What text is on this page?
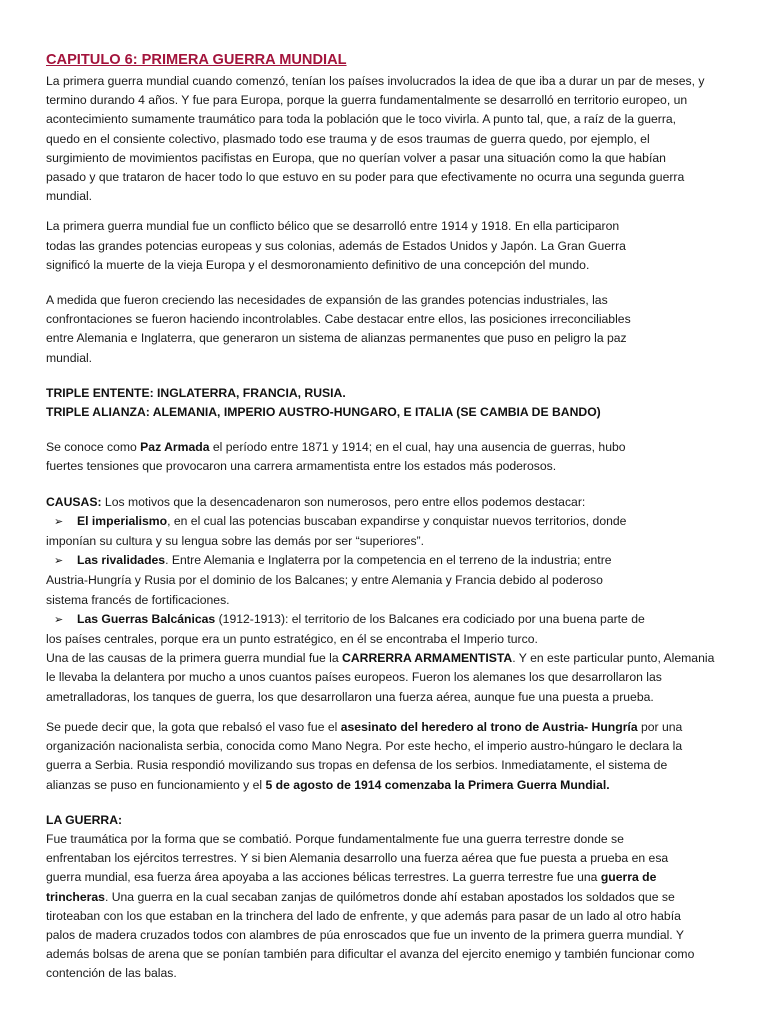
CAPITULO 6: PRIMERA GUERRA MUNDIAL

La primera guerra mundial cuando comenzó, tenían los países involucrados la idea de que iba a durar un par de meses, y
termino durando 4 años. Y fue para Europa, porque la guerra fundamentalmente se desarrolló en territorio europeo, un
acontecimiento sumamente traumático para toda la población que le toco vivirla. A punto tal, que, a raíz de la guerra,
quedo en el consiente colectivo, plasmado todo ese trauma y de esos traumas de guerra quedo, por ejemplo, el
surgimiento de movimientos pacifistas en Europa, que no querían volver a pasar una situación como la que habían
pasado y que trataron de hacer todo lo que estuvo en su poder para que efectivamente no ocurra una segunda guerra
mundial.

La primera guerra mundial fue un conflicto bélico que se desarrolló entre 1914 y 1918. En ella participaron
todas las grandes potencias europeas y sus colonias, además de Estados Unidos y Japón. La Gran Guerra
significó la muerte de la vieja Europa y el desmoronamiento definitivo de una concepción del mundo.

A medida que fueron creciendo las necesidades de expansión de las grandes potencias industriales, las
confrontaciones se fueron haciendo incontrolables. Cabe destacar entre ellos, las posiciones irreconciliables
entre Alemania e Inglaterra, que generaron un sistema de alianzas permanentes que puso en peligro la paz
mundial.

TRIPLE ENTENTE: INGLATERRA, FRANCIA, RUSIA.
TRIPLE ALIANZA: ALEMANIA, IMPERIO AUSTRO-HUNGARO, E ITALIA (SE CAMBIA DE BANDO)

Se conoce como Paz Armada el período entre 1871 y 1914; en el cual, hay una ausencia de guerras, hubo
fuertes tensiones que provocaron una carrera armamentista entre los estados más poderosos.

CAUSAS: Los motivos que la desencadenaron son numerosos, pero entre ellos podemos destacar:
➢ El imperialismo, en el cual las potencias buscaban expandirse y conquistar nuevos territorios, donde
imponían su cultura y su lengua sobre las demás por ser “superiores”.
➢ Las rivalidades. Entre Alemania e Inglaterra por la competencia en el terreno de la industria; entre
Austria-Hungría y Rusia por el dominio de los Balcanes; y entre Alemania y Francia debido al poderoso
sistema francés de fortificaciones.
➢ Las Guerras Balcánicas (1912-1913): el territorio de los Balcanes era codiciado por una buena parte de
los países centrales, porque era un punto estratégico, en él se encontraba el Imperio turco.
Una de las causas de la primera guerra mundial fue la CARRERRA ARMAMENTISTA. Y en este particular punto, Alemania
le llevaba la delantera por mucho a unos cuantos países europeos. Fueron los alemanes los que desarrollaron las
ametralladoras, los tanques de guerra, los que desarrollaron una fuerza aérea, aunque fue una puesta a prueba.

Se puede decir que, la gota que rebalsó el vaso fue el asesinato del heredero al trono de Austria- Hungría por una
organización nacionalista serbia, conocida como Mano Negra. Por este hecho, el imperio austro-húngaro le declara la
guerra a Serbia. Rusia respondió movilizando sus tropas en defensa de los serbios. Inmediatamente, el sistema de
alianzas se puso en funcionamiento y el 5 de agosto de 1914 comenzaba la Primera Guerra Mundial.

LA GUERRA:
Fue traumática por la forma que se combatió. Porque fundamentalmente fue una guerra terrestre donde se
enfrentaban los ejércitos terrestres. Y si bien Alemania desarrollo una fuerza aérea que fue puesta a prueba en esa
guerra mundial, esa fuerza área apoyaba a las acciones bélicas terrestres. La guerra terrestre fue una guerra de
trincheras. Una guerra en la cual secaban zanjas de quilómetros donde ahí estaban apostados los soldados que se
tiroteaban con los que estaban en la trinchera del lado de enfrente, y que además para pasar de un lado al otro había
palos de madera cruzados todos con alambres de púa enroscados que fue un invento de la primera guerra mundial. Y
además bolsas de arena que se ponían también para dificultar el avanza del ejercito enemigo y también funcionar como
contención de las balas.
